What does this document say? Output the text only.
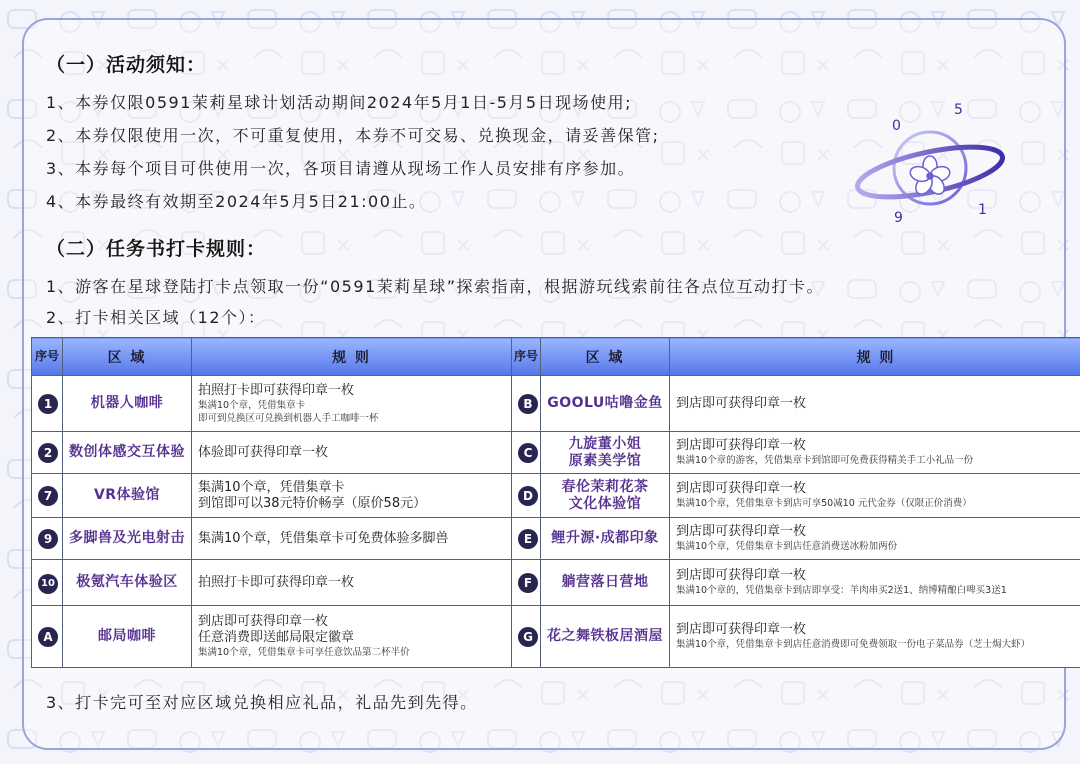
（一）活动须知：
1、本券仅限0591茉莉星球计划活动期间2024年5月1日-5月5日现场使用;
2、本券仅限使用一次，不可重复使用，本券不可交易、兑换现金，请妥善保管;
3、本券每个项目可供使用一次，各项目请遵从现场工作人员安排有序参加。
4、本券最终有效期至2024年5月5日21:00止。
0
5
9	1
（二）任务书打卡规则：
1、游客在星球登陆打卡点领取一份“0591茉莉星球”探索指南，根据游玩线索前往各点位互动打卡。
2、打卡相关区域（12个）：
序号	区 域	规 则	序号	区 域	规 则
1	机器人咖啡	拍照打卡即可获得印章一枚
集满10个章，凭借集章卡
即可到兑换区可兑换到机器人手工咖啡一杯	B	GOOLU咕噜金鱼	到店即可获得印章一枚

2	数创体感交互体验	体验即可获得印章一枚	C	九旋董小姐
原素美学馆	到店即可获得印章一枚
集满10个章的游客，凭借集章卡到馆即可免费获得精美手工小礼品一份

7	VR体验馆	集满10个章，凭借集章卡
到馆即可以38元特价畅享（原价58元）	D	春伦茉莉花茶
文化体验馆	到店即可获得印章一枚
集满10个章，凭借集章卡到店可享50减10 元代金券（仅限正价消费）

9	多脚兽及光电射击	集满10个章，凭借集章卡可免费体验多脚兽	E	鲤升源·成都印象	到店即可获得印章一枚
集满10个章，凭借集章卡到店任意消费送冰粉加两份

10	极氪汽车体验区	拍照打卡即可获得印章一枚	F	躺营落日营地	到店即可获得印章一枚
集满10个章的，凭借集章卡到店即享受：羊肉串买2送1、纳博精酿白啤买3送1

A	邮局咖啡	到店即可获得印章一枚
任意消费即送邮局限定徽章
集满10个章，凭借集章卡可享任意饮品第二杯半价	G	花之舞铁板居酒屋	到店即可获得印章一枚
集满10个章，凭借集章卡到店任意消费即可免费领取一份电子菜品券（芝士焗大虾）
3、打卡完可至对应区域兑换相应礼品，礼品先到先得。
